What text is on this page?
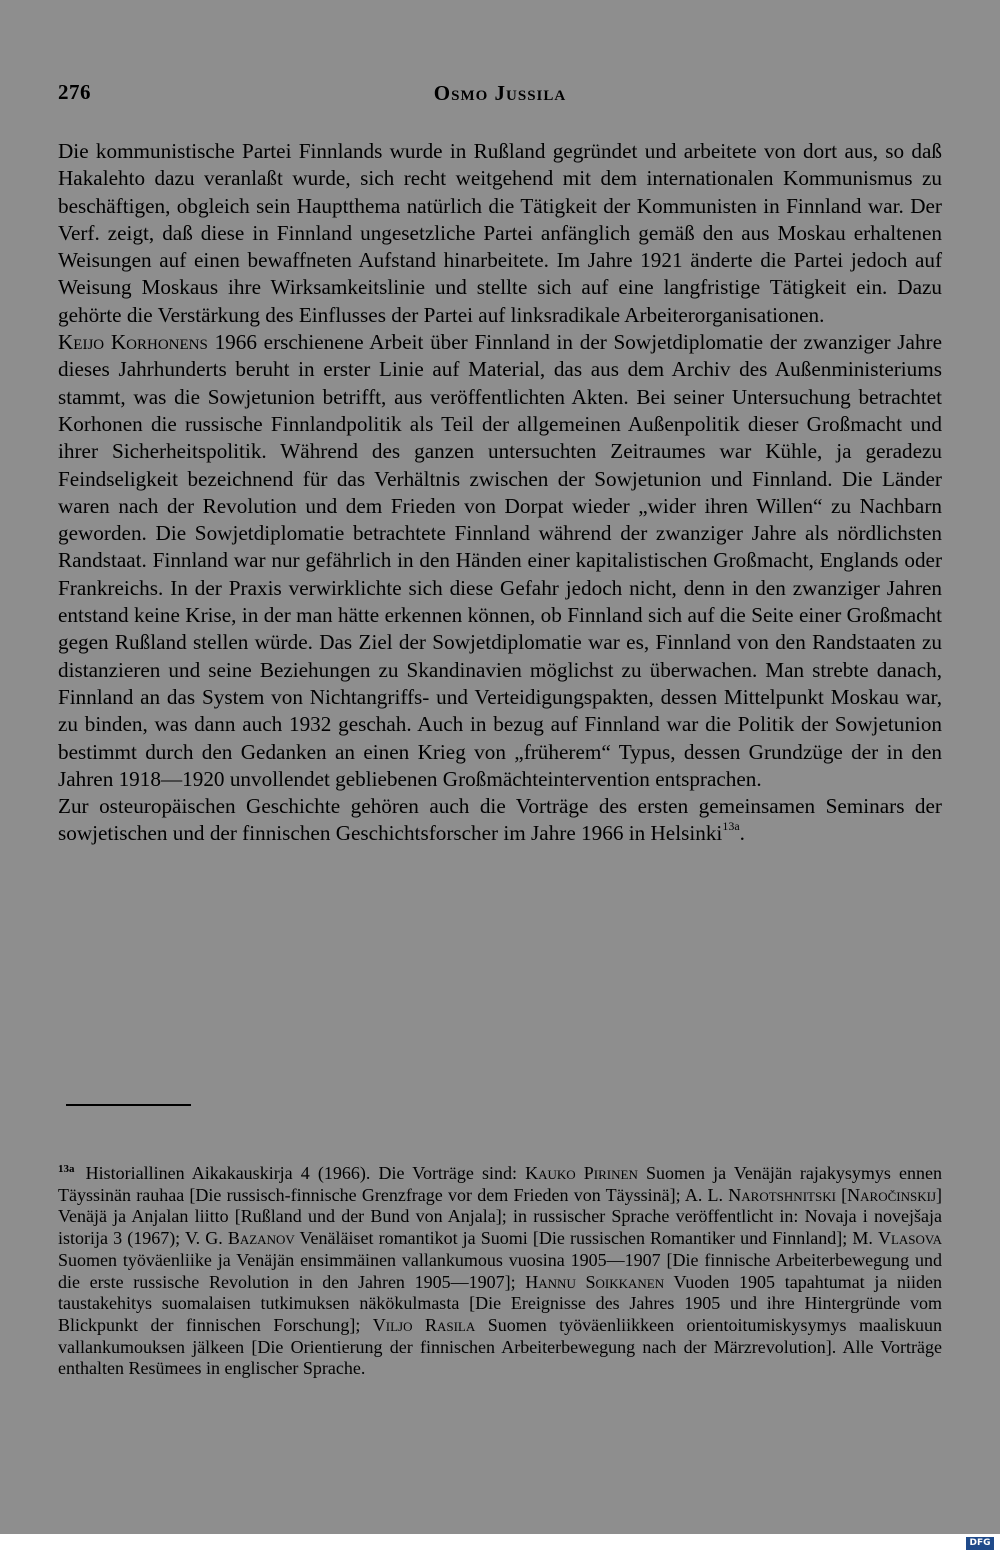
276	Osmo Jussila

Die kommunistische Partei Finnlands wurde in Rußland gegründet und arbeitete von dort aus, so daß Hakalehto dazu veranlaßt wurde, sich recht weitgehend mit dem internationalen Kommunismus zu beschäftigen, obgleich sein Hauptthema natürlich die Tätigkeit der Kommunisten in Finnland war. Der Verf. zeigt, daß diese in Finnland ungesetzliche Partei anfänglich gemäß den aus Moskau erhaltenen Weisungen auf einen bewaffneten Aufstand hinarbeitete. Im Jahre 1921 änderte die Partei jedoch auf Weisung Moskaus ihre Wirksamkeitslinie und stellte sich auf eine langfristige Tätigkeit ein. Dazu gehörte die Verstärkung des Einflusses der Partei auf linksradikale Arbeiterorganisationen.

Keijo Korhonens 1966 erschienene Arbeit über Finnland in der Sowjetdiplomatie der zwanziger Jahre dieses Jahrhunderts beruht in erster Linie auf Material, das aus dem Archiv des Außenministeriums stammt, was die Sowjetunion betrifft, aus veröffentlichten Akten. Bei seiner Untersuchung betrachtet Korhonen die russische Finnlandpolitik als Teil der allgemeinen Außenpolitik dieser Großmacht und ihrer Sicherheitspolitik. Während des ganzen untersuchten Zeitraumes war Kühle, ja geradezu Feindseligkeit bezeichnend für das Verhältnis zwischen der Sowjetunion und Finnland. Die Länder waren nach der Revolution und dem Frieden von Dorpat wieder „wider ihren Willen“ zu Nachbarn geworden. Die Sowjetdiplomatie betrachtete Finnland während der zwanziger Jahre als nördlichsten Randstaat. Finnland war nur gefährlich in den Händen einer kapitalistischen Großmacht, Englands oder Frankreichs. In der Praxis verwirklichte sich diese Gefahr jedoch nicht, denn in den zwanziger Jahren entstand keine Krise, in der man hätte erkennen können, ob Finnland sich auf die Seite einer Großmacht gegen Rußland stellen würde. Das Ziel der Sowjetdiplomatie war es, Finnland von den Randstaaten zu distanzieren und seine Beziehungen zu Skandinavien möglichst zu überwachen. Man strebte danach, Finnland an das System von Nichtangriffs- und Verteidigungspakten, dessen Mittelpunkt Moskau war, zu binden, was dann auch 1932 geschah. Auch in bezug auf Finnland war die Politik der Sowjetunion bestimmt durch den Gedanken an einen Krieg von „früherem“ Typus, dessen Grundzüge der in den Jahren 1918—1920 unvollendet gebliebenen Großmächteintervention entsprachen.

Zur osteuropäischen Geschichte gehören auch die Vorträge des ersten gemeinsamen Seminars der sowjetischen und der finnischen Geschichtsforscher im Jahre 1966 in Helsinki$^{13a}$.

$^{13a}$ Historiallinen Aikakauskirja 4 (1966). Die Vorträge sind: Kauko Pirinen Suomen ja Venäjän rajakysymys ennen Täyssinän rauhaa [Die russisch-finnische Grenzfrage vor dem Frieden von Täyssinä]; A. L. Narotshnitski [Naročinskij] Venäjä ja Anjalan liitto [Rußland und der Bund von Anjala]; in russischer Sprache veröffentlicht in: Novaja i novejšaja istorija 3 (1967); V. G. Bazanov Venäläiset romantikot ja Suomi [Die russischen Romantiker und Finnland]; M. Vlasova Suomen työväenliike ja Venäjän ensimmäinen vallankumous vuosina 1905—1907 [Die finnische Arbeiterbewegung und die erste russische Revolution in den Jahren 1905—1907]; Hannu Soikkanen Vuoden 1905 tapahtumat ja niiden taustakehitys suomalaisen tutkimuksen näkökulmasta [Die Ereignisse des Jahres 1905 und ihre Hintergründe vom Blickpunkt der finnischen Forschung]; Viljo Rasila Suomen työväenliikkeen orientoitumiskysymys maaliskuun vallankumouksen jälkeen [Die Orientierung der finnischen Arbeiterbewegung nach der Märzrevolution]. Alle Vorträge enthalten Resümees in englischer Sprache.
DFG
